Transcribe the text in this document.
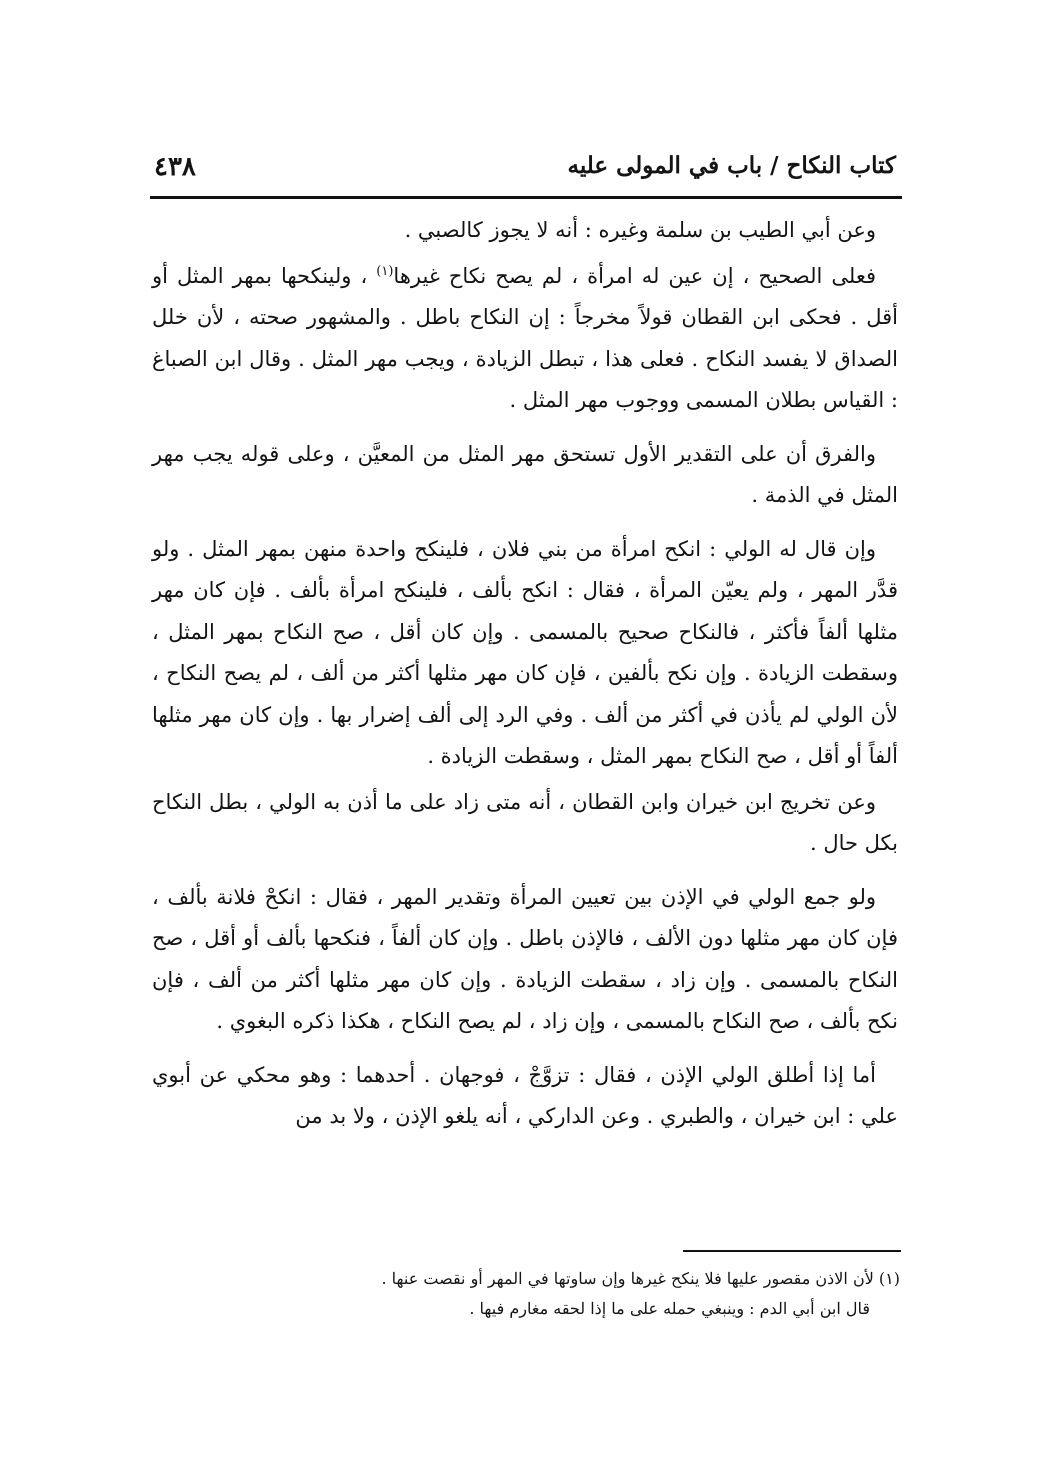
٤٣٨	كتاب النكاح / باب في المولى عليه

وعن أبي الطيب بن سلمة وغيره : أنه لا يجوز كالصبي .

فعلى الصحيح ، إن عين له امرأة ، لم يصح نكاح غيرها$^{(١)}$ ، ولينكحها بمهر المثل أو أقل . فحكى ابن القطان قولاً مخرجاً : إن النكاح باطل . والمشهور صحته ، لأن خلل الصداق لا يفسد النكاح . فعلى هذا ، تبطل الزيادة ، ويجب مهر المثل . وقال ابن الصباغ : القياس بطلان المسمى ووجوب مهر المثل .

والفرق أن على التقدير الأول تستحق مهر المثل من المعيَّن ، وعلى قوله يجب مهر المثل في الذمة .

وإن قال له الولي : انكح امرأة من بني فلان ، فلينكح واحدة منهن بمهر المثل . ولو قدَّر المهر ، ولم يعيّن المرأة ، فقال : انكح بألف ، فلينكح امرأة بألف . فإن كان مهر مثلها ألفاً فأكثر ، فالنكاح صحيح بالمسمى . وإن كان أقل ، صح النكاح بمهر المثل ، وسقطت الزيادة . وإن نكح بألفين ، فإن كان مهر مثلها أكثر من ألف ، لم يصح النكاح ، لأن الولي لم يأذن في أكثر من ألف . وفي الرد إلى ألف إضرار بها . وإن كان مهر مثلها ألفاً أو أقل ، صح النكاح بمهر المثل ، وسقطت الزيادة .

وعن تخريج ابن خيران وابن القطان ، أنه متى زاد على ما أذن به الولي ، بطل النكاح بكل حال .

ولو جمع الولي في الإذن بين تعيين المرأة وتقدير المهر ، فقال : انكحْ فلانة بألف ، فإن كان مهر مثلها دون الألف ، فالإذن باطل . وإن كان ألفاً ، فنكحها بألف أو أقل ، صح النكاح بالمسمى . وإن زاد ، سقطت الزيادة . وإن كان مهر مثلها أكثر من ألف ، فإن نكح بألف ، صح النكاح بالمسمى ، وإن زاد ، لم يصح النكاح ، هكذا ذكره البغوي .

أما إذا أطلق الولي الإذن ، فقال : تزوَّجْ ، فوجهان . أحدهما : وهو محكي عن أبوي علي : ابن خيران ، والطبري . وعن الداركي ، أنه يلغو الإذن ، ولا بد من

(١) لأن الاذن مقصور عليها فلا ينكح غيرها وإن ساوتها في المهر أو نقصت عنها .
قال ابن أبي الدم : وينبغي حمله على ما إذا لحقه مغارم فيها .
